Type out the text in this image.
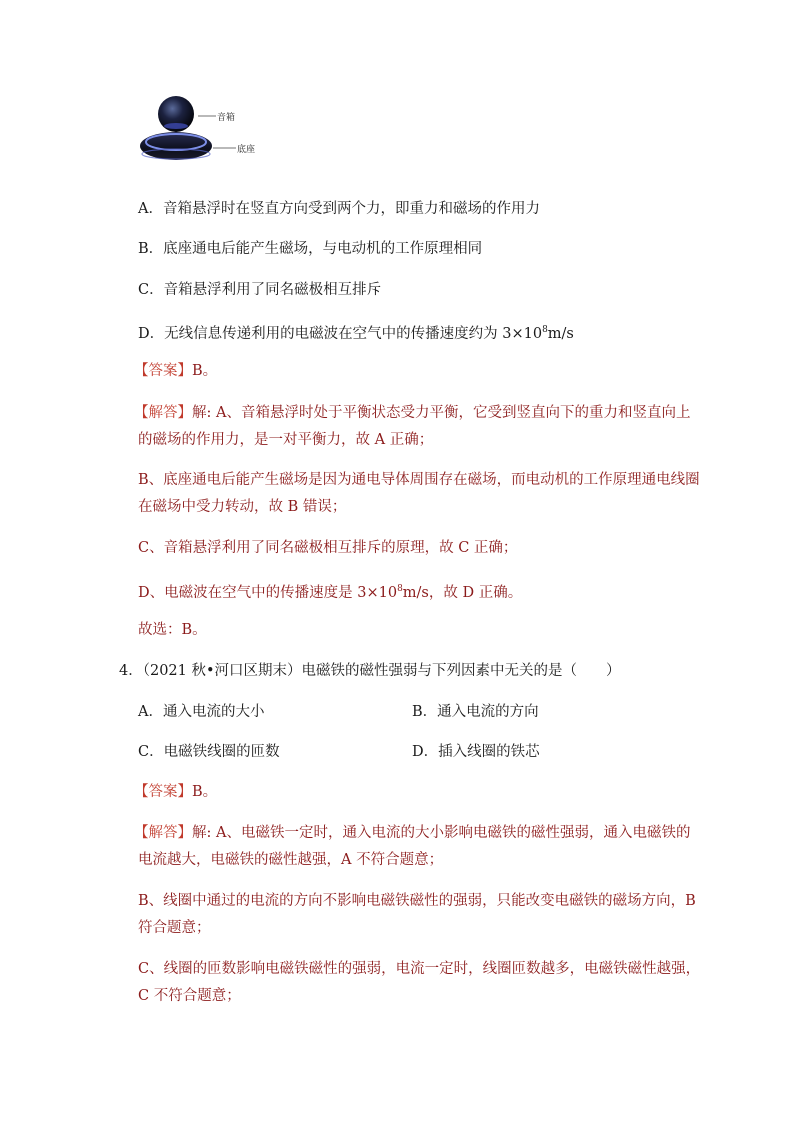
音箱
底座
A．音箱悬浮时在竖直方向受到两个力，即重力和磁场的作用力
B．底座通电后能产生磁场，与电动机的工作原理相同
C．音箱悬浮利用了同名磁极相互排斥
D．无线信息传递利用的电磁波在空气中的传播速度约为 $3\times 10^8m/s$
【答案】B。
【解答】解: A、音箱悬浮时处于平衡状态受力平衡，它受到竖直向下的重力和竖直向上
的磁场的作用力，是一对平衡力，故 A 正确；
B、底座通电后能产生磁场是因为通电导体周围存在磁场，而电动机的工作原理通电线圈
在磁场中受力转动，故 B 错误；
C、音箱悬浮利用了同名磁极相互排斥的原理，故 C 正确；
D、电磁波在空气中的传播速度是 $3\times 10^8m/s$，故 D 正确。
故选：B。
4．（2021 秋•河口区期末）电磁铁的磁性强弱与下列因素中无关的是（　　）
A．通入电流的大小	B．通入电流的方向
C．电磁铁线圈的匝数	D．插入线圈的铁芯
【答案】B。
【解答】解: A、电磁铁一定时，通入电流的大小影响电磁铁的磁性强弱，通入电磁铁的
电流越大，电磁铁的磁性越强，A 不符合题意；
B、线圈中通过的电流的方向不影响电磁铁磁性的强弱，只能改变电磁铁的磁场方向，B
符合题意；
C、线圈的匝数影响电磁铁磁性的强弱，电流一定时，线圈匝数越多，电磁铁磁性越强，
C 不符合题意；
